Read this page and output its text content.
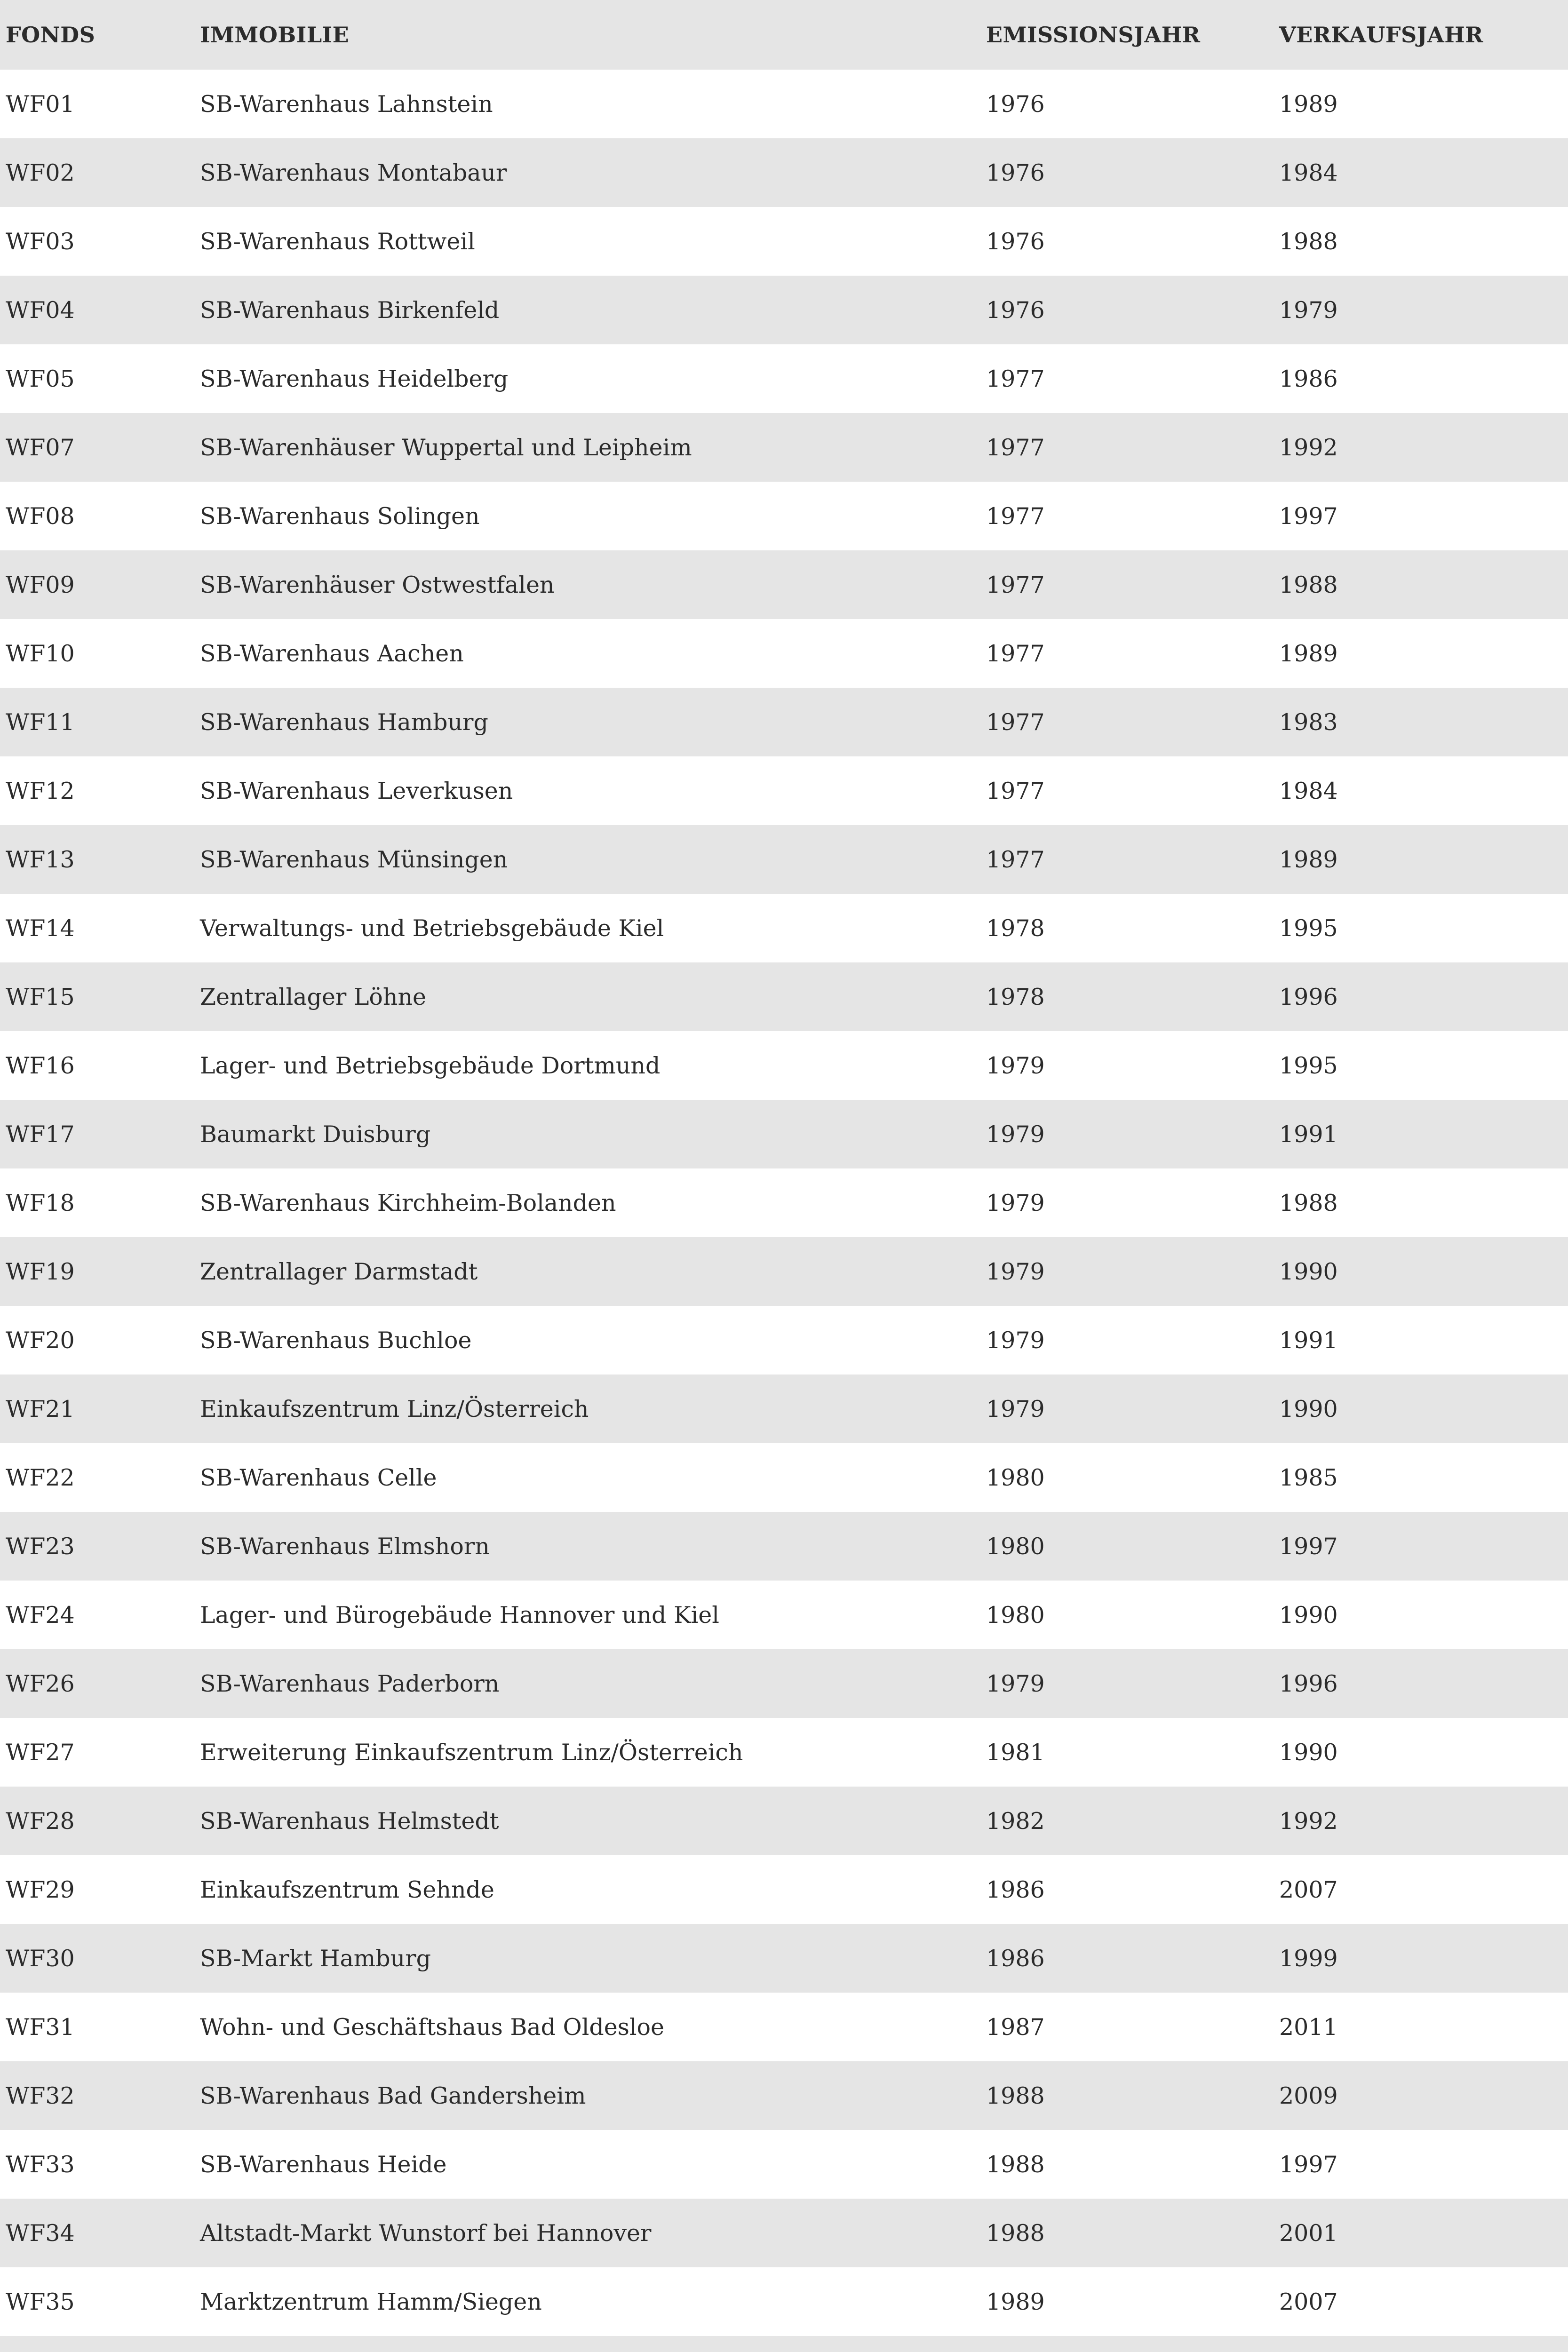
FONDS	IMMOBILIE	EMISSIONSJAHR	VERKAUFSJAHR
WF01	SB-Warenhaus Lahnstein	1976	1989
WF02	SB-Warenhaus Montabaur	1976	1984
WF03	SB-Warenhaus Rottweil	1976	1988
WF04	SB-Warenhaus Birkenfeld	1976	1979
WF05	SB-Warenhaus Heidelberg	1977	1986
WF07	SB-Warenhäuser Wuppertal und Leipheim	1977	1992
WF08	SB-Warenhaus Solingen	1977	1997
WF09	SB-Warenhäuser Ostwestfalen	1977	1988
WF10	SB-Warenhaus Aachen	1977	1989
WF11	SB-Warenhaus Hamburg	1977	1983
WF12	SB-Warenhaus Leverkusen	1977	1984
WF13	SB-Warenhaus Münsingen	1977	1989
WF14	Verwaltungs- und Betriebsgebäude Kiel	1978	1995
WF15	Zentrallager Löhne	1978	1996
WF16	Lager- und Betriebsgebäude Dortmund	1979	1995
WF17	Baumarkt Duisburg	1979	1991
WF18	SB-Warenhaus Kirchheim-Bolanden	1979	1988
WF19	Zentrallager Darmstadt	1979	1990
WF20	SB-Warenhaus Buchloe	1979	1991
WF21	Einkaufszentrum Linz/Österreich	1979	1990
WF22	SB-Warenhaus Celle	1980	1985
WF23	SB-Warenhaus Elmshorn	1980	1997
WF24	Lager- und Bürogebäude Hannover und Kiel	1980	1990
WF26	SB-Warenhaus Paderborn	1979	1996
WF27	Erweiterung Einkaufszentrum Linz/Österreich	1981	1990
WF28	SB-Warenhaus Helmstedt	1982	1992
WF29	Einkaufszentrum Sehnde	1986	2007
WF30	SB-Markt Hamburg	1986	1999
WF31	Wohn- und Geschäftshaus Bad Oldesloe	1987	2011
WF32	SB-Warenhaus Bad Gandersheim	1988	2009
WF33	SB-Warenhaus Heide	1988	1997
WF34	Altstadt-Markt Wunstorf bei Hannover	1988	2001
WF35	Marktzentrum Hamm/Siegen	1989	2007
